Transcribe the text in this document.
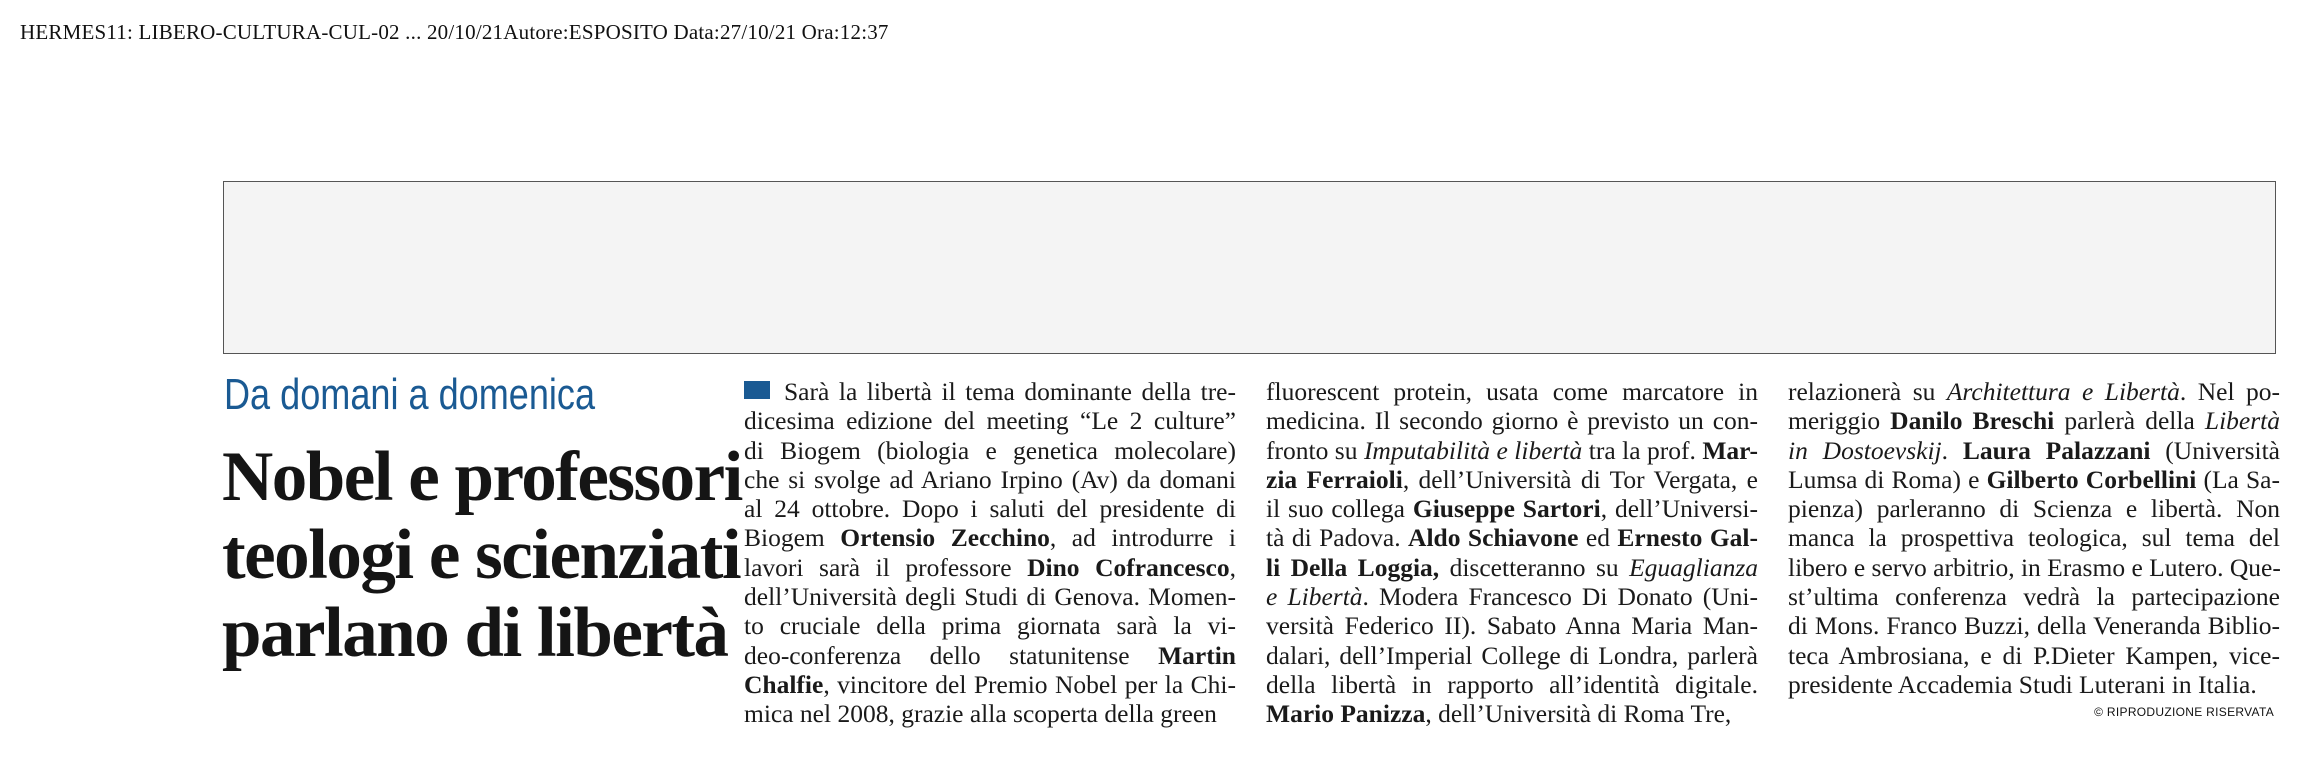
HERMES11: LIBERO-CULTURA-CUL-02 ... 20/10/21Autore:ESPOSITO Data:27/10/21 Ora:12:37
Da domani a domenica
Nobel e professori
teologi e scienziati
parlano di libertà
Sarà la libertà il tema dominante della tre-
dicesima edizione del meeting “Le 2 culture”
di Biogem (biologia e genetica molecolare)
che si svolge ad Ariano Irpino (Av) da domani
al 24 ottobre. Dopo i saluti del presidente di
Biogem Ortensio Zecchino, ad introdurre i
lavori sarà il professore Dino Cofrancesco,
dell’Università degli Studi di Genova. Momen-
to cruciale della prima giornata sarà la vi-
deo-conferenza dello statunitense Martin
Chalfie, vincitore del Premio Nobel per la Chi-
mica nel 2008, grazie alla scoperta della green
fluorescent protein, usata come marcatore in
medicina. Il secondo giorno è previsto un con-
fronto su Imputabilità e libertà tra la prof. Mar-
zia Ferraioli, dell’Università di Tor Vergata, e
il suo collega Giuseppe Sartori, dell’Universi-
tà di Padova. Aldo Schiavone ed Ernesto Gal-
li Della Loggia, discetteranno su Eguaglianza
e Libertà. Modera Francesco Di Donato (Uni-
versità Federico II). Sabato Anna Maria Man-
dalari, dell’Imperial College di Londra, parlerà
della libertà in rapporto all’identità digitale.
Mario Panizza, dell’Università di Roma Tre,
relazionerà su Architettura e Libertà. Nel po-
meriggio Danilo Breschi parlerà della Libertà
in Dostoevskij. Laura Palazzani (Università
Lumsa di Roma) e Gilberto Corbellini (La Sa-
pienza) parleranno di Scienza e libertà. Non
manca la prospettiva teologica, sul tema del
libero e servo arbitrio, in Erasmo e Lutero. Que-
st’ultima conferenza vedrà la partecipazione
di Mons. Franco Buzzi, della Veneranda Biblio-
teca Ambrosiana, e di P.Dieter Kampen, vice-
presidente Accademia Studi Luterani in Italia.
© RIPRODUZIONE RISERVATA
